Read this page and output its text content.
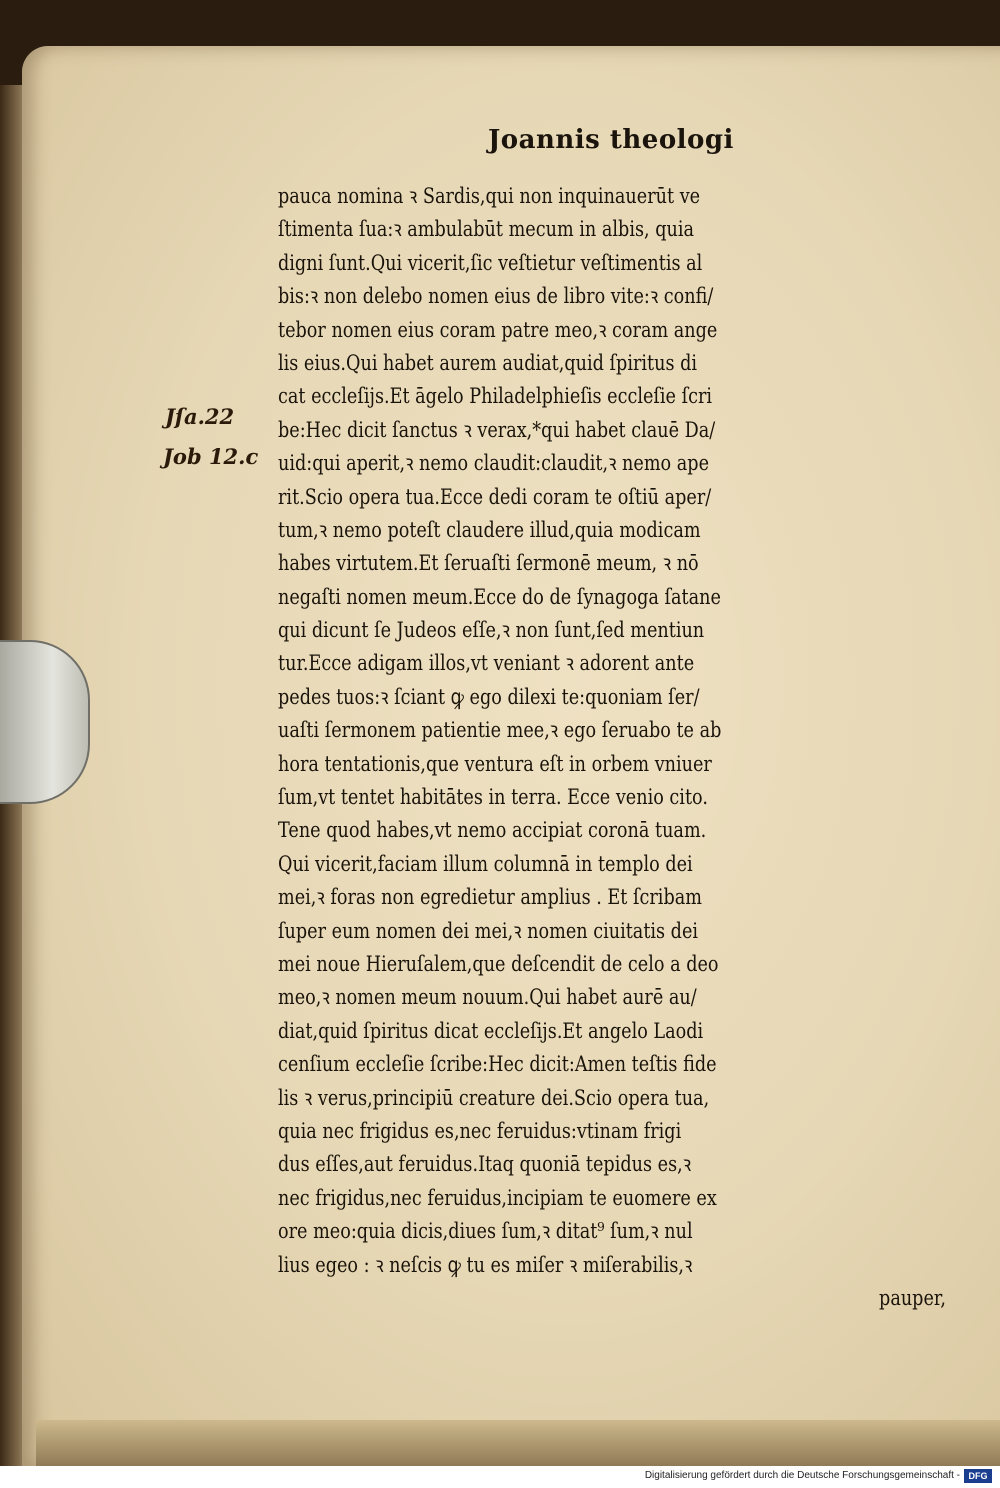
Joannis theologi
Jſa.22
Job 12.c
pauca nomina ꝛ Sardis,qui non inquinauerūt ve
ſtimenta ſua:ꝛ ambulabūt mecum in albis, quia
digni ſunt.Qui vicerit,ſic veſtietur veſtimentis al
bis:ꝛ non delebo nomen eius de libro vite:ꝛ confi/
tebor nomen eius coram patre meo,ꝛ coram ange
lis eius.Qui habet aurem audiat,quid ſpiritus di
cat eccleſijs.Et āgelo Philadelphieſis eccleſie ſcri
be:Hec dicit ſanctus ꝛ verax,*qui habet clauē Da/
uid:qui aperit,ꝛ nemo claudit:claudit,ꝛ nemo ape
rit.Scio opera tua.Ecce dedi coram te oſtiū aper/
tum,ꝛ nemo poteſt claudere illud,quia modicam
habes virtutem.Et ſeruaſti ſermonē meum, ꝛ nō
negaſti nomen meum.Ecce do de ſynagoga ſatane
qui dicunt ſe Judeos eſſe,ꝛ non ſunt,ſed mentiun
tur.Ecce adigam illos,vt veniant ꝛ adorent ante
pedes tuos:ꝛ ſciant ꝙ ego dilexi te:quoniam ſer/
uaſti ſermonem patientie mee,ꝛ ego ſeruabo te ab
hora tentationis,que ventura eſt in orbem vniuer
ſum,vt tentet habitātes in terra. Ecce venio cito.
Tene quod habes,vt nemo accipiat coronā tuam.
Qui vicerit,faciam illum columnā in templo dei
mei,ꝛ foras non egredietur amplius . Et ſcribam
ſuper eum nomen dei mei,ꝛ nomen ciuitatis dei
mei noue Hieruſalem,que deſcendit de celo a deo
meo,ꝛ nomen meum nouum.Qui habet aurē au/
diat,quid ſpiritus dicat eccleſijs.Et angelo Laodi
cenſium eccleſie ſcribe:Hec dicit:Amen teſtis fide
lis ꝛ verus,principiū creature dei.Scio opera tua,
quia nec frigidus es,nec feruidus:vtinam frigi
dus eſſes,aut feruidus.Itaq quoniā tepidus es,ꝛ
nec frigidus,nec feruidus,incipiam te euomere ex
ore meo:quia dicis,diues ſum,ꝛ ditat⁹ ſum,ꝛ nul
lius egeo : ꝛ neſcis ꝙ tu es miſer ꝛ miſerabilis,ꝛ
pauper,
Digitalisierung gefördert durch die Deutsche Forschungsgemeinschaft - DFG
